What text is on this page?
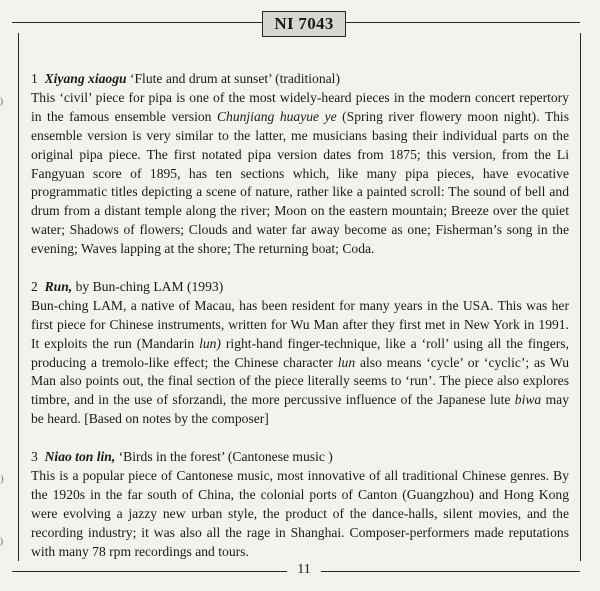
NI 7043
)
}
)
1 Xiyang xiaogu ‘Flute and drum at sunset’ (traditional)
This ‘civil’ piece for pipa is one of the most widely-heard pieces in the modern concert repertory in the famous ensemble version Chunjiang huayue ye (Spring river flowery moon night). This ensemble version is very similar to the latter, me musicians basing their individual parts on the original pipa piece. The first notated pipa version dates from 1875; this version, from the Li Fangyuan score of 1895, has ten sections which, like many pipa pieces, have evocative programmatic titles depicting a scene of nature, rather like a painted scroll: The sound of bell and drum from a distant temple along the river; Moon on the eastern mountain; Breeze over the quiet water; Shadows of flowers; Clouds and water far away become as one; Fisherman’s song in the evening; Waves lapping at the shore; The returning boat; Coda.
2 Run, by Bun-ching LAM (1993)
Bun-ching LAM, a native of Macau, has been resident for many years in the USA. This was her first piece for Chinese instruments, written for Wu Man after they first met in New York in 1991. It exploits the run (Mandarin lun) right-hand finger-technique, like a ‘roll’ using all the fingers, producing a tremolo-like effect; the Chinese character lun also means ‘cycle’ or ‘cyclic’; as Wu Man also points out, the final section of the piece literally seems to ‘run’. The piece also explores timbre, and in the use of sforzandi, the more percussive influence of the Japanese lute biwa may be heard. [Based on notes by the composer]
3 Niao ton lin, ‘Birds in the forest’ (Cantonese music )
This is a popular piece of Cantonese music, most innovative of all traditional Chinese genres. By the 1920s in the far south of China, the colonial ports of Canton (Guangzhou) and Hong Kong were evolving a jazzy new urban style, the product of the dance-halls, silent movies, and the recording industry; it was also all the rage in Shanghai. Composer-performers made reputations with many 78 rpm recordings and tours.
11
